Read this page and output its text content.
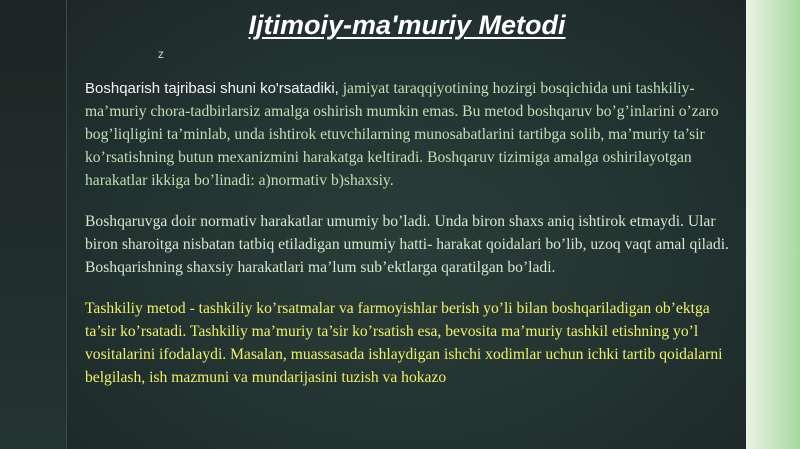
Ijtimoiy-ma'muriy Metodi
z

Boshqarish tajribasi shuni ko'rsatadiki, jamiyat taraqqiyotining hozirgi bosqichida uni tashkiliy-ma’muriy chora-tadbirlarsiz amalga oshirish mumkin emas. Bu metod boshqaruv bo’g’inlarini o’zaro bog’liqligini ta’minlab, unda ishtirok etuvchilarning munosabatlarini tartibga solib, ma’muriy ta’sir ko’rsatishning butun mexanizmini harakatga keltiradi. Boshqaruv tizimiga amalga oshirilayotgan harakatlar ikkiga bo’linadi: a)normativ b)shaxsiy.

Boshqaruvga doir normativ harakatlar umumiy bo’ladi. Unda biron shaxs aniq ishtirok etmaydi. Ular biron sharoitga nisbatan tatbiq etiladigan umumiy hatti- harakat qoidalari bo’lib, uzoq vaqt amal qiladi. Boshqarishning shaxsiy harakatlari ma’lum sub’ektlarga qaratilgan bo’ladi.

Tashkiliy metod - tashkiliy ko’rsatmalar va farmoyishlar berish yo’li bilan boshqariladigan ob’ektga ta’sir ko’rsatadi. Tashkiliy ma’muriy ta’sir ko’rsatish esa, bevosita ma’muriy tashkil etishning yo’l vositalarini ifodalaydi. Masalan, muassasada ishlaydigan ishchi xodimlar uchun ichki tartib qoidalarni belgilash, ish mazmuni va mundarijasini tuzish va hokazo
